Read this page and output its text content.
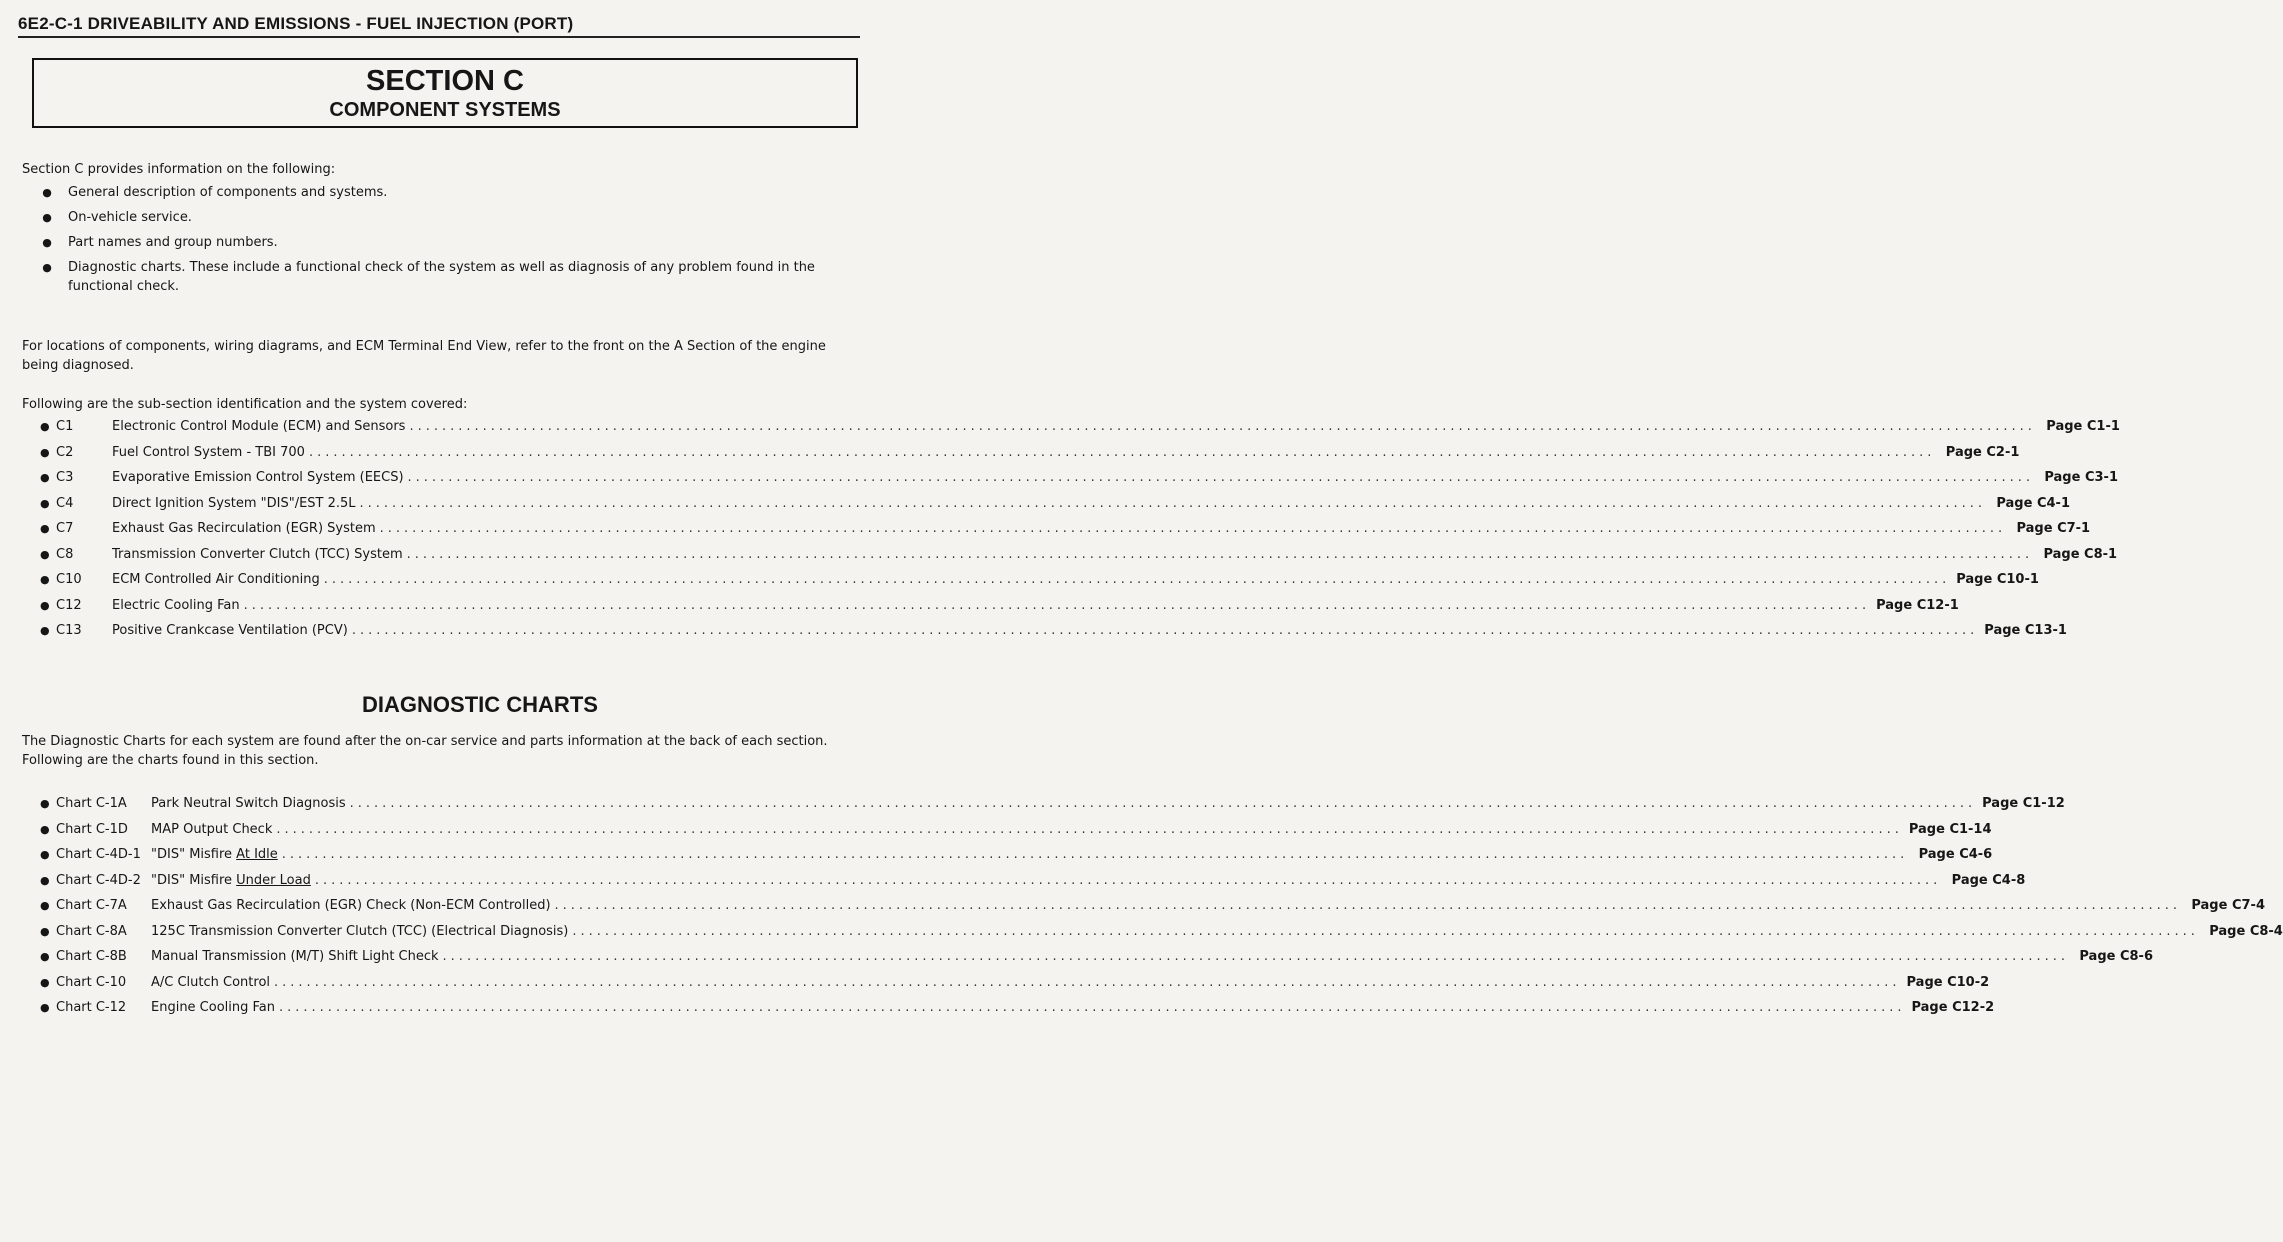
6E2-C-1 DRIVEABILITY AND EMISSIONS - FUEL INJECTION (PORT)
SECTION C
COMPONENT SYSTEMS
Section C provides information on the following:
● General description of components and systems.
● On-vehicle service.
● Part names and group numbers.
● Diagnostic charts. These include a functional check of the system as well as diagnosis of any problem found in the functional check.
For locations of components, wiring diagrams, and ECM Terminal End View, refer to the front on the A Section of the engine being diagnosed.
Following are the sub-section identification and the system covered:
● C1	Electronic Control Module (ECM) and Sensors ........................................................................................................................................................................................................ Page C1-1
● C2	Fuel Control System - TBI 700 ........................................................................................................................................................................................................ Page C2-1
● C3	Evaporative Emission Control System (EECS) ........................................................................................................................................................................................................ Page C3-1
● C4	Direct Ignition System "DIS"/EST 2.5L ........................................................................................................................................................................................................ Page C4-1
● C7	Exhaust Gas Recirculation (EGR) System ........................................................................................................................................................................................................ Page C7-1
● C8	Transmission Converter Clutch (TCC) System ........................................................................................................................................................................................................ Page C8-1
● C10	ECM Controlled Air Conditioning ........................................................................................................................................................................................................ Page C10-1
● C12	Electric Cooling Fan ........................................................................................................................................................................................................ Page C12-1
● C13	Positive Crankcase Ventilation (PCV) ........................................................................................................................................................................................................ Page C13-1
DIAGNOSTIC CHARTS
The Diagnostic Charts for each system are found after the on-car service and parts information at the back of each section. Following are the charts found in this section.
● Chart C-1A	Park Neutral Switch Diagnosis ........................................................................................................................................................................................................ Page C1-12
● Chart C-1D	MAP Output Check ........................................................................................................................................................................................................ Page C1-14
● Chart C-4D-1 "DIS" Misfire At Idle ........................................................................................................................................................................................................ Page C4-6
● Chart C-4D-2 "DIS" Misfire Under Load ........................................................................................................................................................................................................ Page C4-8
● Chart C-7A	Exhaust Gas Recirculation (EGR) Check (Non-ECM Controlled) ........................................................................................................................................................................................................ Page C7-4
● Chart C-8A	125C Transmission Converter Clutch (TCC) (Electrical Diagnosis) ........................................................................................................................................................................................................ Page C8-4
● Chart C-8B	Manual Transmission (M/T) Shift Light Check ........................................................................................................................................................................................................ Page C8-6
● Chart C-10	A/C Clutch Control ........................................................................................................................................................................................................ Page C10-2
● Chart C-12	Engine Cooling Fan ........................................................................................................................................................................................................ Page C12-2
